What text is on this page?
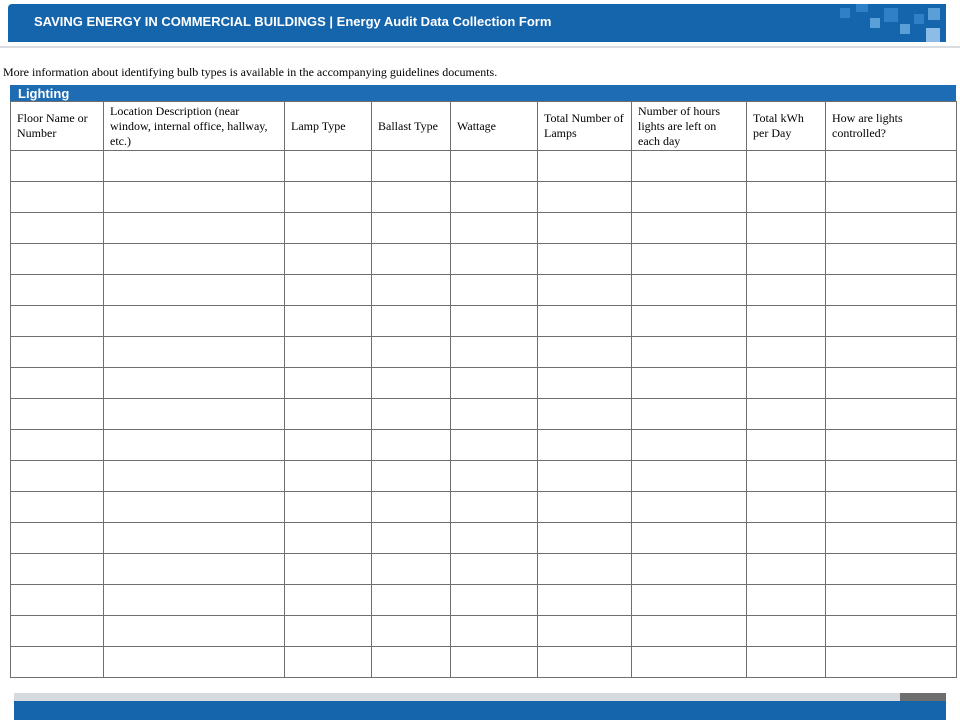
SAVING ENERGY IN COMMERCIAL BUILDINGS | Energy Audit Data Collection Form
More information about identifying bulb types is available in the accompanying guidelines documents.
Lighting
Floor Name or Number	Location Description (near window, internal office, hallway, etc.)	Lamp Type	Ballast Type	Wattage	Total Number of Lamps	Number of hours lights are left on each day	Total kWh per Day	How are lights controlled?
